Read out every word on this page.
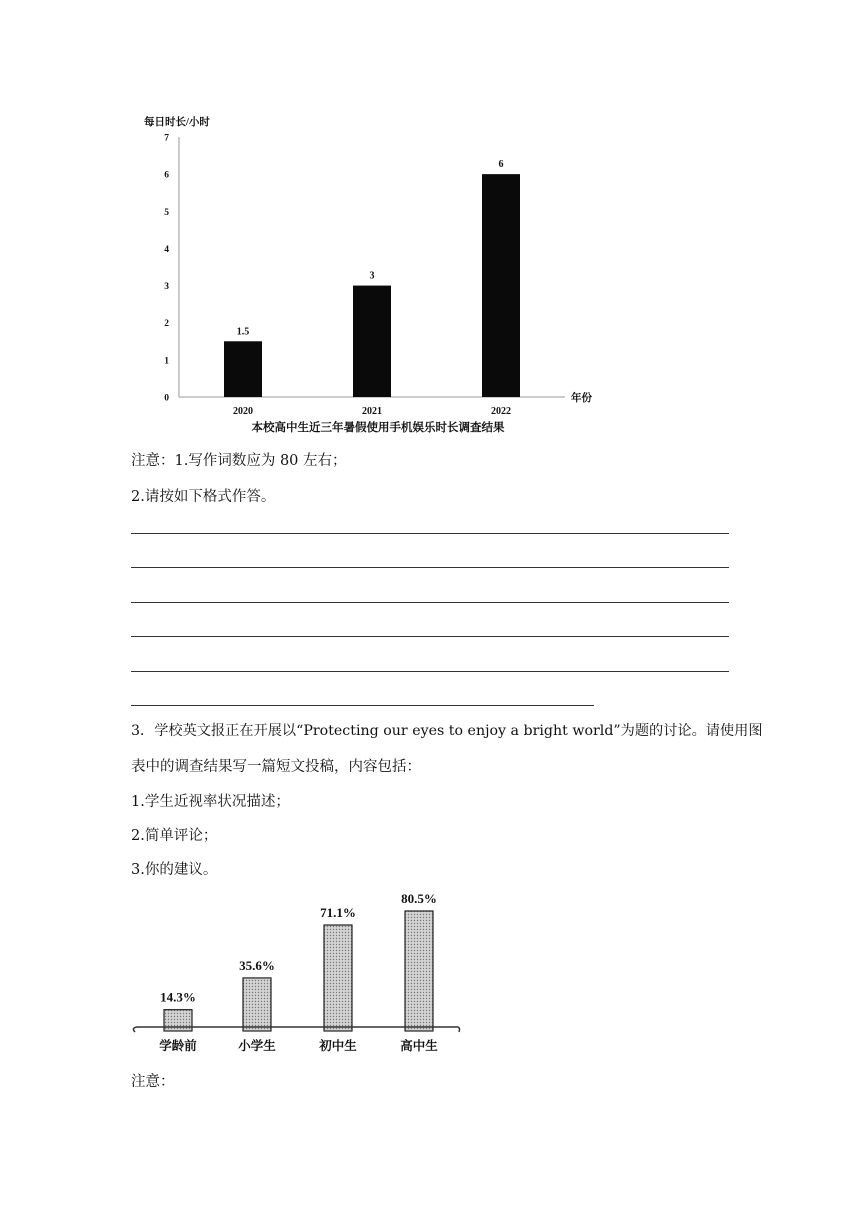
每日时长/小时
0
1
2
3
4
5
6
7
1.5
2020
3
2021
6
2022
年份
本校高中生近三年暑假使用手机娱乐时长调查结果
注意：1.写作词数应为 80 左右；
2.请按如下格式作答。
3．学校英文报正在开展以“Protecting our eyes to enjoy a bright world”为题的讨论。请使用图
表中的调查结果写一篇短文投稿，内容包括：
1.学生近视率状况描述；
2.简单评论；
3.你的建议。
14.3%
学龄前
35.6%
小学生
71.1%
初中生
80.5%
高中生
注意：
